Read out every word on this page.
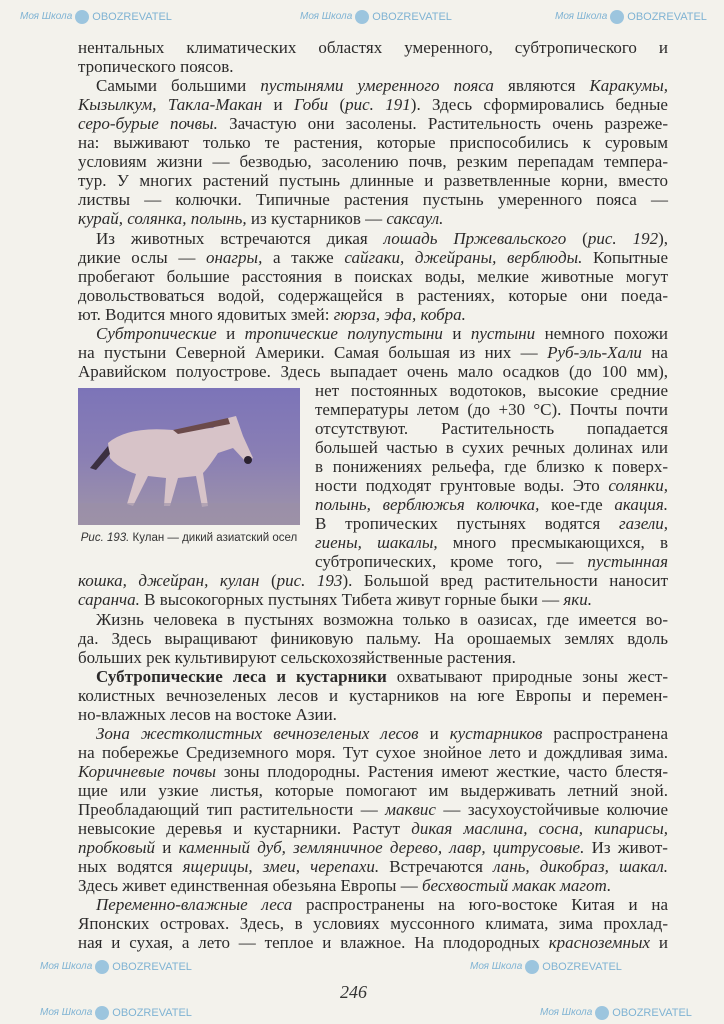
Моя Школа OBOZREVATEL	Моя Школа OBOZREVATEL	Моя Школа OBOZREVATEL
Моя Школа OBOZREVATEL	Моя Школа OBOZREVATEL
Моя Школа OBOZREVATEL	Моя Школа OBOZREVATEL
нентальных климатических областях умеренного, субтропического и
тропического поясов.
Самыми большими пустынями умеренного пояса являются Каракумы,
Кызылкум, Такла-Макан и Гоби (рис. 191). Здесь сформировались бедные
серо-бурые почвы. Зачастую они засолены. Растительность очень разреже-
на: выживают только те растения, которые приспособились к суровым
условиям жизни — безводью, засолению почв, резким перепадам темпера-
тур. У многих растений пустынь длинные и разветвленные корни, вместо
листвы — колючки. Типичные растения пустынь умеренного пояса —
курай, солянка, полынь, из кустарников — саксаул.
Из животных встречаются дикая лошадь Пржевальского (рис. 192),
дикие ослы — онагры, а также сайгаки, джейраны, верблюды. Копытные
пробегают большие расстояния в поисках воды, мелкие животные могут
довольствоваться водой, содержащейся в растениях, которые они поеда-
ют. Водится много ядовитых змей: гюрза, эфа, кобра.
Субтропические и тропические полупустыни и пустыни немного похожи
на пустыни Северной Америки. Самая большая из них — Руб-эль-Хали на
Аравийском полуострове. Здесь выпадает очень мало осадков (до 100 мм),
нет постоянных водотоков, высокие средние
температуры летом (до +30 °С). Почты почти
отсутствуют. Растительность попадается
большей частью в сухих речных долинах или
в понижениях рельефа, где близко к поверх-
ности подходят грунтовые воды. Это солянки,
полынь, верблюжья колючка, кое-где акация.
В тропических пустынях водятся газели,
гиены, шакалы, много пресмыкающихся, в
субтропических, кроме того, — пустынная
кошка, джейран, кулан (рис. 193). Большой вред растительности наносит
саранча. В высокогорных пустынях Тибета живут горные быки — яки.
Жизнь человека в пустынях возможна только в оазисах, где имеется во-
да. Здесь выращивают финиковую пальму. На орошаемых землях вдоль
больших рек культивируют сельскохозяйственные растения.
Субтропические леса и кустарники охватывают природные зоны жест-
колистных вечнозеленых лесов и кустарников на юге Европы и перемен-
но-влажных лесов на востоке Азии.
Зона жестколистных вечнозеленых лесов и кустарников распространена
на побережье Средиземного моря. Тут сухое знойное лето и дождливая зима.
Коричневые почвы зоны плодородны. Растения имеют жесткие, часто блестя-
щие или узкие листья, которые помогают им выдерживать летний зной.
Преобладающий тип растительности — маквис — засухоустойчивые колючие
невысокие деревья и кустарники. Растут дикая маслина, сосна, кипарисы,
пробковый и каменный дуб, земляничное дерево, лавр, цитрусовые. Из живот-
ных водятся ящерицы, змеи, черепахи. Встречаются лань, дикобраз, шакал.
Здесь живет единственная обезьяна Европы — бесхвостый макак магот.
Переменно-влажные леса распространены на юго-востоке Китая и на
Японских островах. Здесь, в условиях муссонного климата, зима прохлад-
ная и сухая, а лето — теплое и влажное. На плодородных красноземных и
Рис. 193. Кулан — дикий азиатский осел
246
